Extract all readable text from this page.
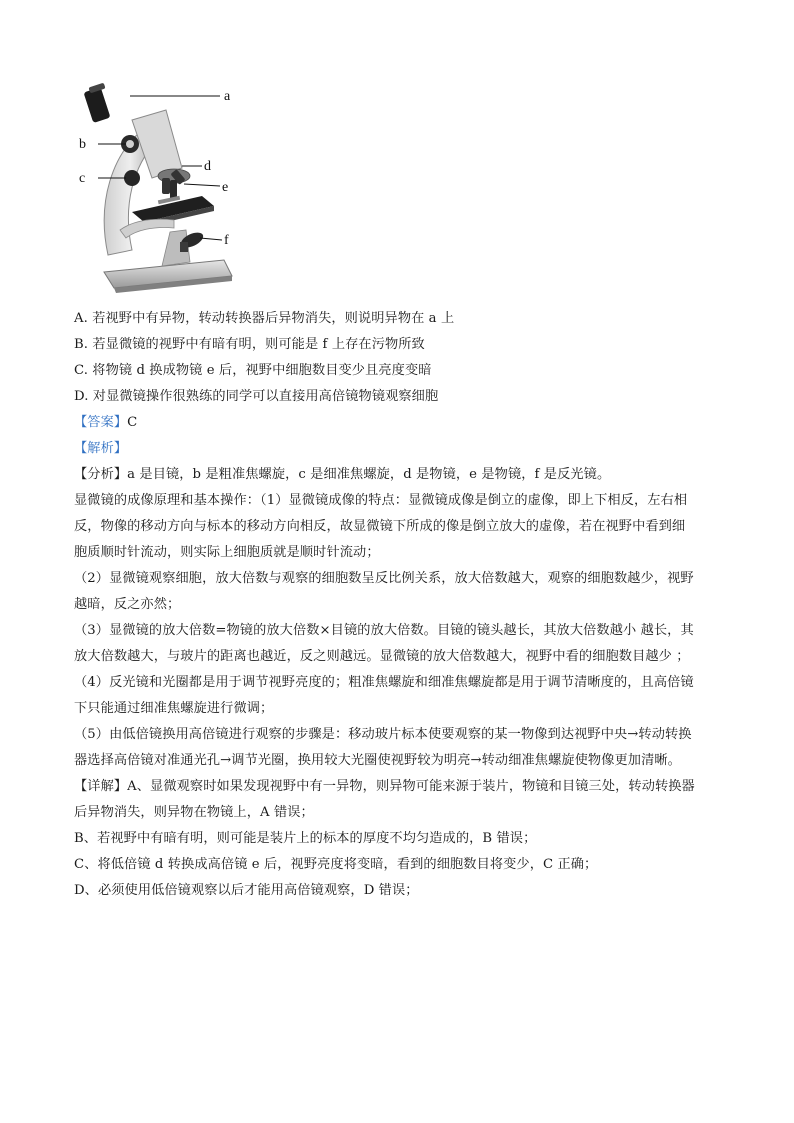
a
b
c
d
e
f
A. 若视野中有异物，转动转换器后异物消失，则说明异物在 a 上
B. 若显微镜的视野中有暗有明，则可能是 f 上存在污物所致
C. 将物镜 d 换成物镜 e 后，视野中细胞数目变少且亮度变暗
D. 对显微镜操作很熟练的同学可以直接用高倍镜物镜观察细胞
【答案】C
【解析】
【分析】a 是目镜，b 是粗准焦螺旋，c 是细准焦螺旋，d 是物镜，e 是物镜，f 是反光镜。
显微镜的成像原理和基本操作：（1）显微镜成像的特点：显微镜成像是倒立的虚像，即上下相反，左右相
反，物像的移动方向与标本的移动方向相反，故显微镜下所成的像是倒立放大的虚像，若在视野中看到细
胞质顺时针流动，则实际上细胞质就是顺时针流动；
（2）显微镜观察细胞，放大倍数与观察的细胞数呈反比例关系，放大倍数越大，观察的细胞数越少，视野
越暗，反之亦然；
（3）显微镜的放大倍数=物镜的放大倍数×目镜的放大倍数。目镜的镜头越长，其放大倍数越小 越长，其
放大倍数越大，与玻片的距离也越近，反之则越远。显微镜的放大倍数越大，视野中看的细胞数目越少 ；
（4）反光镜和光圈都是用于调节视野亮度的；粗准焦螺旋和细准焦螺旋都是用于调节清晰度的，且高倍镜
下只能通过细准焦螺旋进行微调；
（5）由低倍镜换用高倍镜进行观察的步骤是：移动玻片标本使要观察的某一物像到达视野中央→转动转换
器选择高倍镜对准通光孔→调节光圈，换用较大光圈使视野较为明亮→转动细准焦螺旋使物像更加清晰。
【详解】A、显微观察时如果发现视野中有一异物，则异物可能来源于装片，物镜和目镜三处，转动转换器
后异物消失，则异物在物镜上，A 错误；
B、若视野中有暗有明，则可能是装片上的标本的厚度不均匀造成的，B 错误；
C、将低倍镜 d 转换成高倍镜 e 后，视野亮度将变暗，看到的细胞数目将变少，C 正确；
D、必须使用低倍镜观察以后才能用高倍镜观察，D 错误；
